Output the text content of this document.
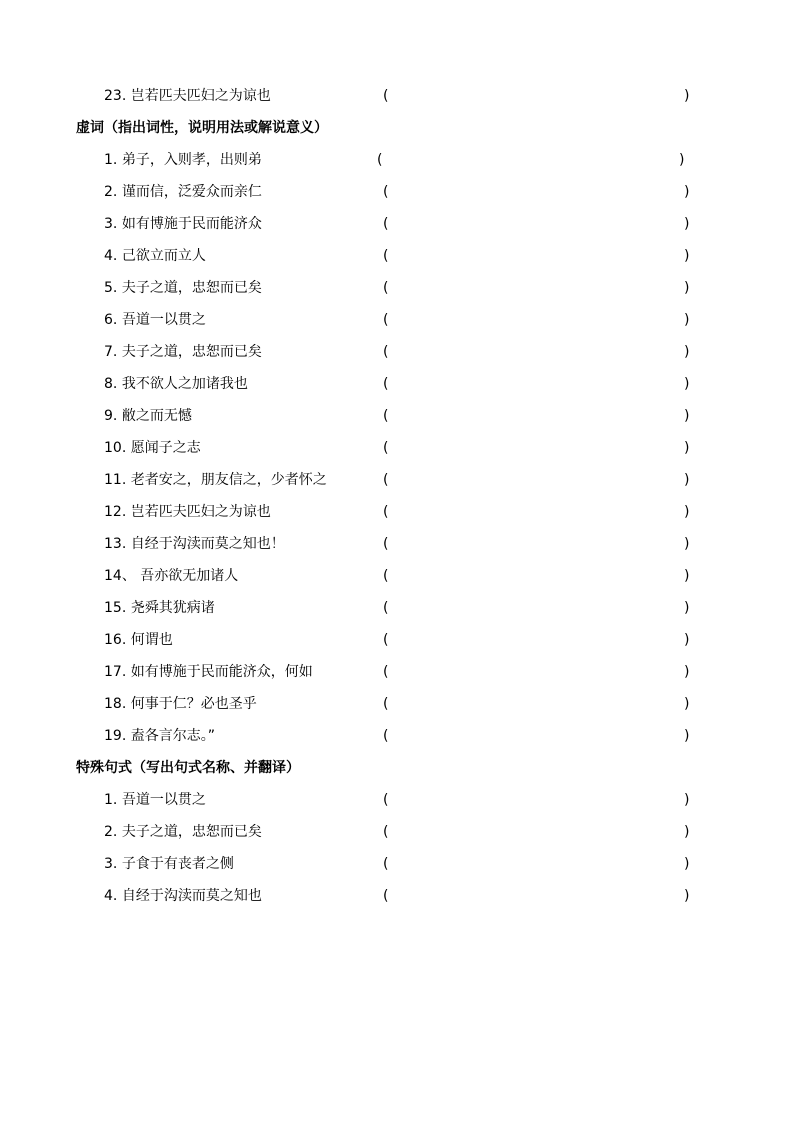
23. 岂若匹夫匹妇之为谅也	(	)
虚词（指出词性，说明用法或解说意义）
1. 弟子，入则孝，出则弟	(	)
2. 谨而信，泛爱众而亲仁	(	)
3. 如有博施于民而能济众	(	)
4. 己欲立而立人	(	)
5. 夫子之道，忠恕而已矣	(	)
6. 吾道一以贯之	(	)
7. 夫子之道，忠恕而已矣	(	)
8. 我不欲人之加诸我也	(	)
9. 敝之而无憾	(	)
10. 愿闻子之志	(	)
11. 老者安之，朋友信之，少者怀之	(	)
12. 岂若匹夫匹妇之为谅也	(	)
13. 自经于沟渎而莫之知也！	(	)
14、 吾亦欲无加诸人	(	)
15. 尧舜其犹病诸	(	)
16. 何谓也	(	)
17. 如有博施于民而能济众，何如	(	)
18. 何事于仁？必也圣乎	(	)
19. 盍各言尔志。”	(	)
特殊句式（写出句式名称、并翻译）
1. 吾道一以贯之	(	)
2. 夫子之道，忠恕而已矣	(	)
3. 子食于有丧者之侧	(	)
4. 自经于沟渎而莫之知也	(	)
